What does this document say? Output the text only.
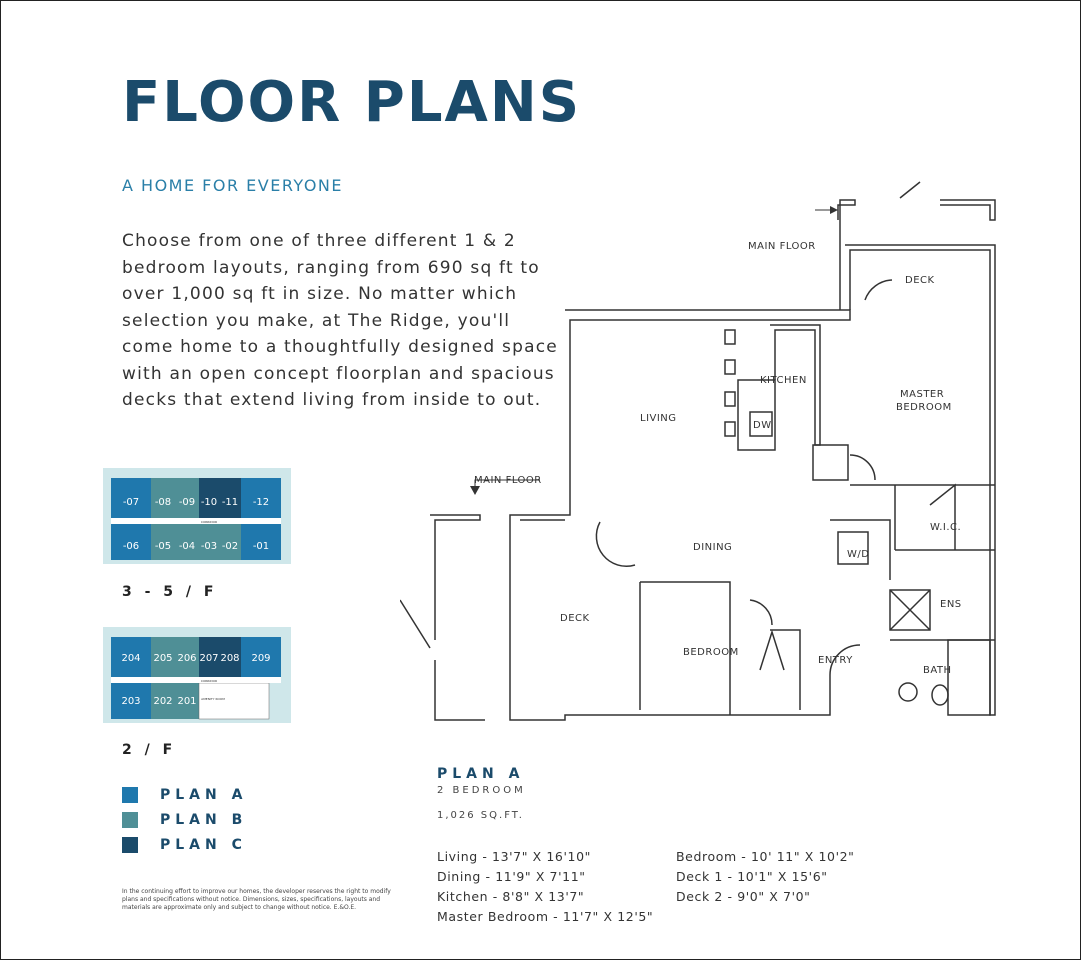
FLOOR PLANS
A HOME FOR EVERYONE
Choose from one of three different 1 & 2 bedroom layouts, ranging from 690 sq ft to over 1,000 sq ft in size. No matter which selection you make, at The Ridge, you'll come home to a thoughtfully designed space with an open concept floorplan and spacious decks that extend living from inside to out.
-07 -08 -09 -10 -11 -12
-06 -05 -04 -03 -02 -01
CORRIDOR
3 - 5 / F
204 205 206 207 208 209
203 202 201
CORRIDOR
AMENITY ROOM
2 / F
PLAN A
PLAN B
PLAN C
In the continuing effort to improve our homes, the developer reserves the right to modify plans and specifications without notice. Dimensions, sizes, specifications, layouts and materials are approximate only and subject to change without notice. E.&O.E.
MAIN FLOOR
MAIN FLOOR
DECK
DECK
KITCHEN
LIVING
DW
MASTER
BEDROOM
DINING
W.I.C.
W/D
ENS
BEDROOM
ENTRY
BATH
PLAN A
2 BEDROOM
1,026 SQ.FT.
Living - 13'7" X 16'10"
Dining - 11'9" X 7'11"
Kitchen - 8'8" X 13'7"
Master Bedroom - 11'7" X 12'5"
Bedroom - 10' 11" X 10'2"
Deck 1 - 10'1" X 15'6"
Deck 2 - 9'0" X 7'0"
